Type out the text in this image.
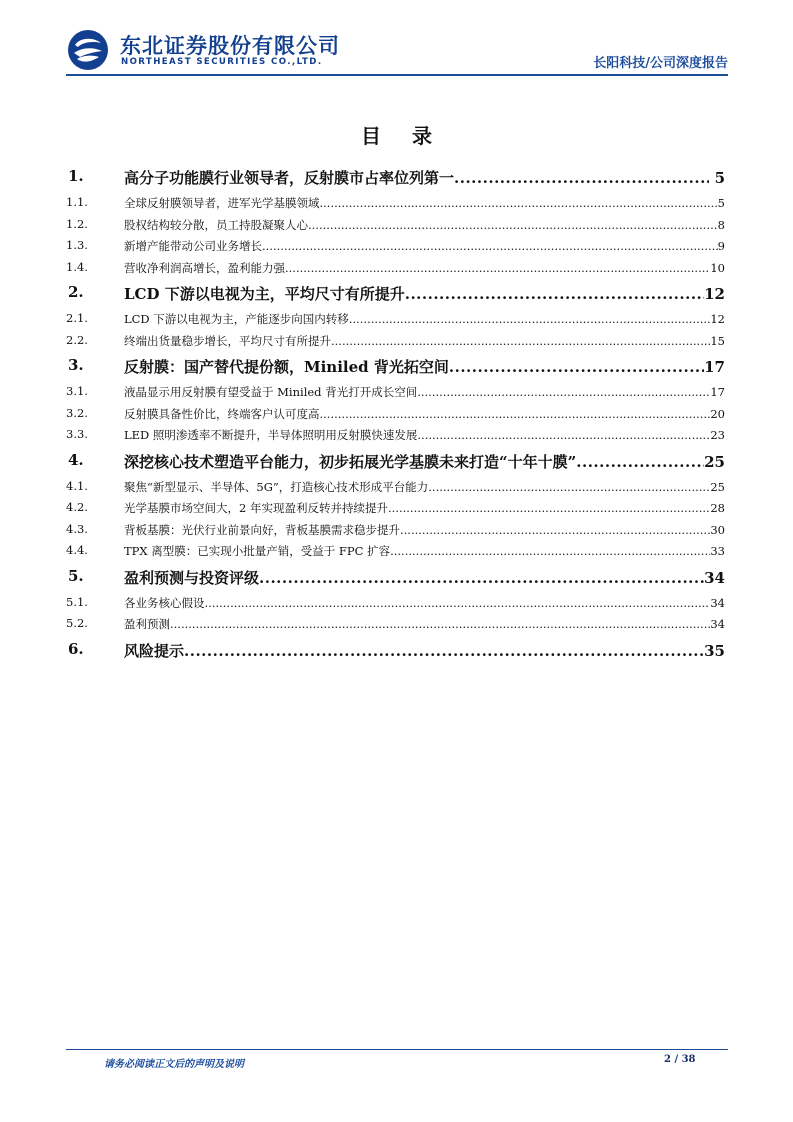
东北证券股份有限公司
NORTHEAST SECURITIES CO.,LTD.	长阳科技/公司深度报告
目 录
1.	高分子功能膜行业领导者，反射膜市占率位列第一 .....	5
1.1.	全球反射膜领导者，进军光学基膜领域 .....	5
1.2.	股权结构较分散，员工持股凝聚人心 .....	8
1.3.	新增产能带动公司业务增长 .....	9
1.4.	营收净利润高增长，盈利能力强 .....	10
2.	LCD 下游以电视为主，平均尺寸有所提升 .....	12
2.1.	LCD 下游以电视为主，产能逐步向国内转移 .....	12
2.2.	终端出货量稳步增长，平均尺寸有所提升 .....	15
3.	反射膜：国产替代提份额，Miniled 背光拓空间 .....	17
3.1.	液晶显示用反射膜有望受益于 Miniled 背光打开成长空间 .....	17
3.2.	反射膜具备性价比，终端客户认可度高 .....	20
3.3.	LED 照明渗透率不断提升，半导体照明用反射膜快速发展 .....	23
4.	深挖核心技术塑造平台能力，初步拓展光学基膜未来打造“十年十膜” .....	25
4.1.	聚焦“新型显示、半导体、5G”，打造核心技术形成平台能力 .....	25
4.2.	光学基膜市场空间大，2 年实现盈利反转并持续提升 .....	28
4.3.	背板基膜：光伏行业前景向好，背板基膜需求稳步提升 .....	30
4.4.	TPX 离型膜：已实现小批量产销，受益于 FPC 扩容 .....	33
5.	盈利预测与投资评级 .....	34
5.1.	各业务核心假设 .....	34
5.2.	盈利预测 .....	34
6.	风险提示 .....	35
请务必阅读正文后的声明及说明	2 / 38
